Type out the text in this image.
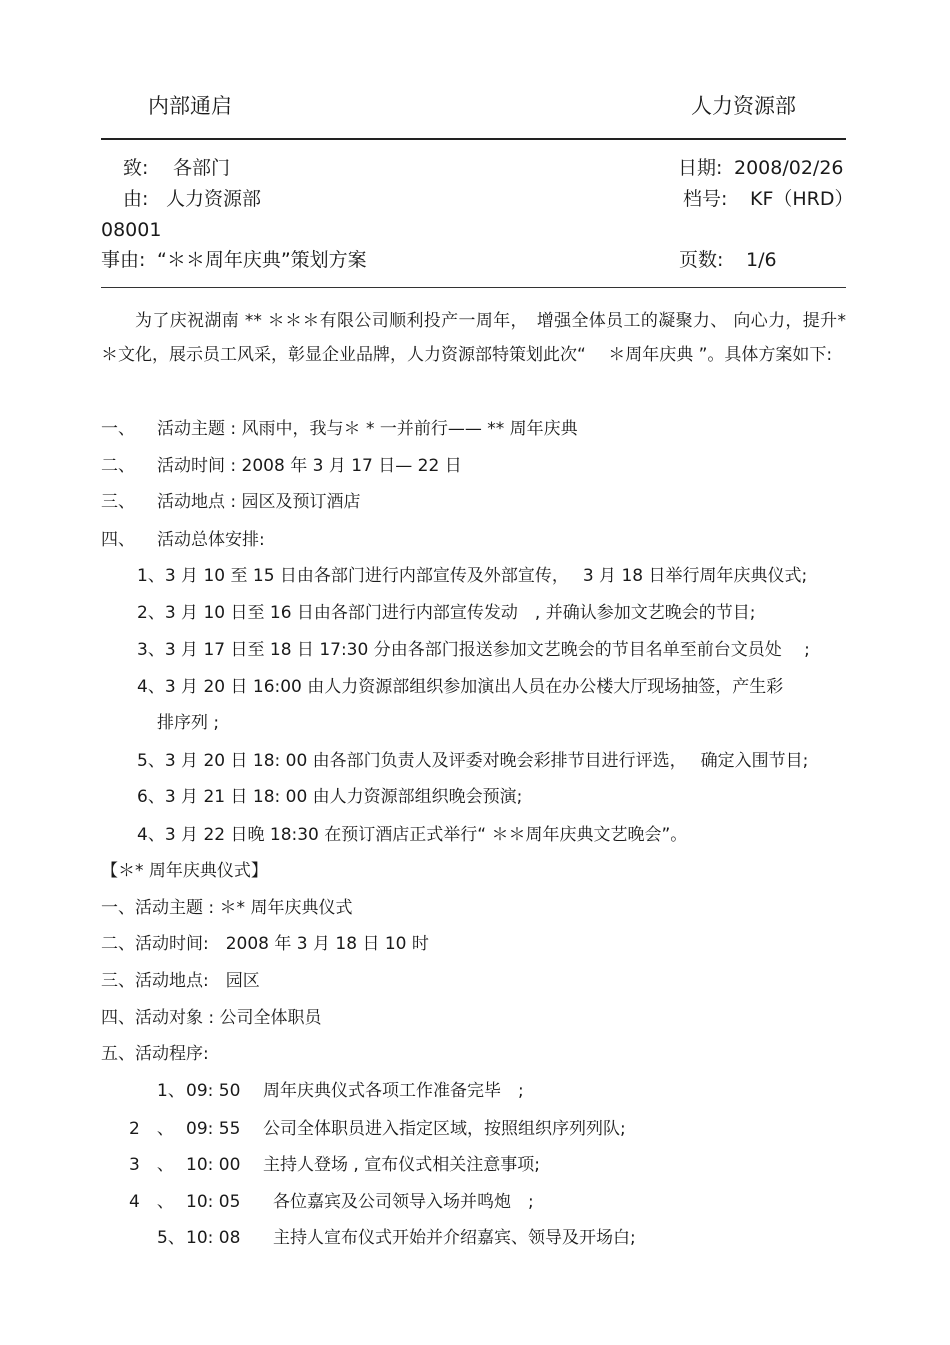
内部通启	人力资源部
致: 各部门	日期: 2008/02/26
由: 人力资源部	档号: KF（HRD）
08001
事由: “＊＊周年庆典”策划方案	页数: 1/6
为了庆祝湖南 ** ＊＊＊有限公司顺利投产一周年，　增强全体员工的凝聚力、 向心力，提升*＊文化，展示员工风采，彰显企业品牌，人力资源部特策划此次“　 ＊周年庆典 ”。具体方案如下:
一、 活动主题 : 风雨中，我与＊ * 一并前行—— ** 周年庆典
二、 活动时间 : 2008 年 3 月 17 日— 22 日
三、 活动地点 : 园区及预订酒店
四、 活动总体安排:
1、3 月 10 至 15 日由各部门进行内部宣传及外部宣传，　 3 月 18 日举行周年庆典仪式;
2、3 月 10 日至 16 日由各部门进行内部宣传发动　, 并确认参加文艺晚会的节目;
3、3 月 17 日至 18 日 17:30 分由各部门报送参加文艺晚会的节目名单至前台文员处　 ;
4、3 月 20 日 16:00 由人力资源部组织参加演出人员在办公楼大厅现场抽签，产生彩
排序列 ;
5、3 月 20 日 18: 00 由各部门负责人及评委对晚会彩排节目进行评选，　 确定入围节目;
6、3 月 21 日 18: 00 由人力资源部组织晚会预演;
4、3 月 22 日晚 18:30 在预订酒店正式举行“ ＊＊周年庆典文艺晚会”。
【＊* 周年庆典仪式】
一、活动主题 : ＊* 周年庆典仪式
二、活动时间:　2008 年 3 月 18 日 10 时
三、活动地点:　园区
四、活动对象 : 公司全体职员
五、活动程序:
1、 09: 50 周年庆典仪式各项工作准备完毕　;
2　、 09: 55 公司全体职员进入指定区域，按照组织序列列队;
3　、 10: 00 主持人登场 , 宣布仪式相关注意事项;
4　、 10: 05 各位嘉宾及公司领导入场并鸣炮　;
5、 10: 08 主持人宣布仪式开始并介绍嘉宾、领导及开场白;
